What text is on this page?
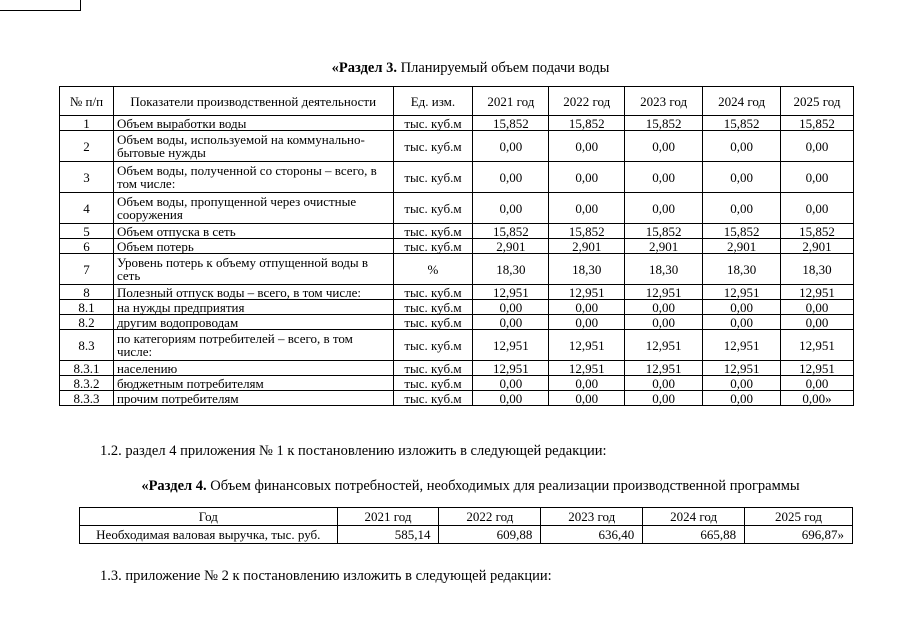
«Раздел 3. Планируемый объем подачи воды
№ п/п	Показатели производственной деятельности	Ед. изм.	2021 год	2022 год	2023 год	2024 год	2025 год
1	Объем выработки воды	тыс. куб.м	15,852	15,852	15,852	15,852	15,852
2	Объем воды, используемой на коммунально-бытовые нужды	тыс. куб.м	0,00	0,00	0,00	0,00	0,00
3	Объем воды, полученной со стороны – всего, в том числе:	тыс. куб.м	0,00	0,00	0,00	0,00	0,00
4	Объем воды, пропущенной через очистные сооружения	тыс. куб.м	0,00	0,00	0,00	0,00	0,00
5	Объем отпуска в сеть	тыс. куб.м	15,852	15,852	15,852	15,852	15,852
6	Объем потерь	тыс. куб.м	2,901	2,901	2,901	2,901	2,901
7	Уровень потерь к объему отпущенной воды в сеть	%	18,30	18,30	18,30	18,30	18,30
8	Полезный отпуск воды – всего, в том числе:	тыс. куб.м	12,951	12,951	12,951	12,951	12,951
8.1	на нужды предприятия	тыс. куб.м	0,00	0,00	0,00	0,00	0,00
8.2	другим водопроводам	тыс. куб.м	0,00	0,00	0,00	0,00	0,00
8.3	по категориям потребителей – всего, в том числе:	тыс. куб.м	12,951	12,951	12,951	12,951	12,951
8.3.1	населению	тыс. куб.м	12,951	12,951	12,951	12,951	12,951
8.3.2	бюджетным потребителям	тыс. куб.м	0,00	0,00	0,00	0,00	0,00
8.3.3	прочим потребителям	тыс. куб.м	0,00	0,00	0,00	0,00	0,00»
1.2. раздел 4 приложения № 1 к постановлению изложить в следующей редакции:
«Раздел 4. Объем финансовых потребностей, необходимых для реализации производственной программы
Год	2021 год	2022 год	2023 год	2024 год	2025 год
Необходимая валовая выручка, тыс. руб.	585,14	609,88	636,40	665,88	696,87»
1.3. приложение № 2 к постановлению изложить в следующей редакции:
